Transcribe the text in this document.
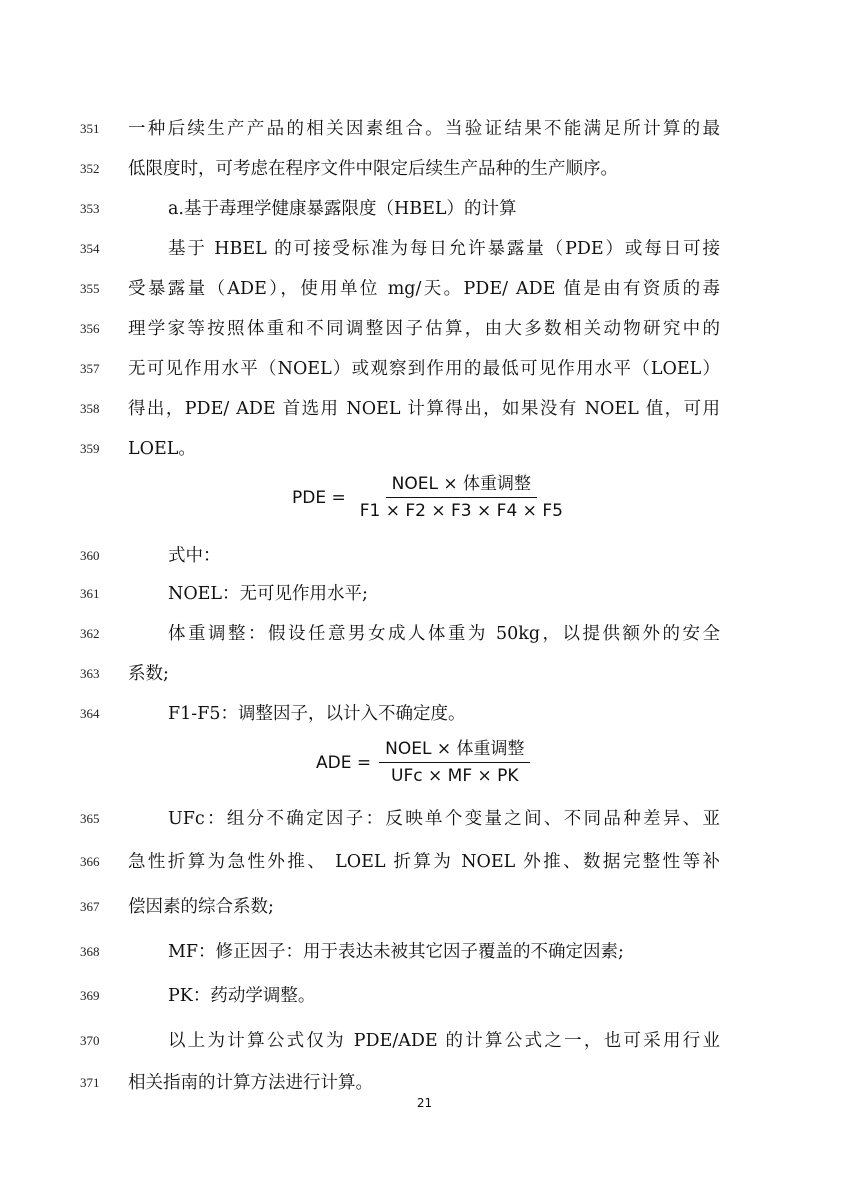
351	一种后续生产产品的相关因素组合。当验证结果不能满足所计算的最
352	低限度时，可考虑在程序文件中限定后续生产品种的生产顺序。
353	a.基于毒理学健康暴露限度（HBEL）的计算
354	基于 HBEL 的可接受标准为每日允许暴露量（PDE）或每日可接
355	受暴露量（ADE），使用单位 mg/天。PDE/ ADE 值是由有资质的毒
356	理学家等按照体重和不同调整因子估算，由大多数相关动物研究中的
357	无可见作用水平（NOEL）或观察到作用的最低可见作用水平（LOEL）
358	得出，PDE/ ADE 首选用 NOEL 计算得出，如果没有 NOEL 值，可用
359	LOEL。
PDE = $\frac{\text{NOEL × 体重调整}}{F1 \times F2 \times F3 \times F4 \times F5}$
360	式中：
361	NOEL：无可见作用水平;
362	体重调整：假设任意男女成人体重为 50kg，以提供额外的安全
363	系数;
364	F1-F5：调整因子，以计入不确定度。
ADE = $\frac{\text{NOEL × 体重调整}}{\text{UFc × MF × PK}}$
365	UFc：组分不确定因子：反映单个变量之间、不同品种差异、亚
366	急性折算为急性外推、 LOEL 折算为 NOEL 外推、数据完整性等补
367	偿因素的综合系数;
368	MF：修正因子：用于表达未被其它因子覆盖的不确定因素;
369	PK：药动学调整。
370	以上为计算公式仅为 PDE/ADE 的计算公式之一，也可采用行业
371	相关指南的计算方法进行计算。
21
